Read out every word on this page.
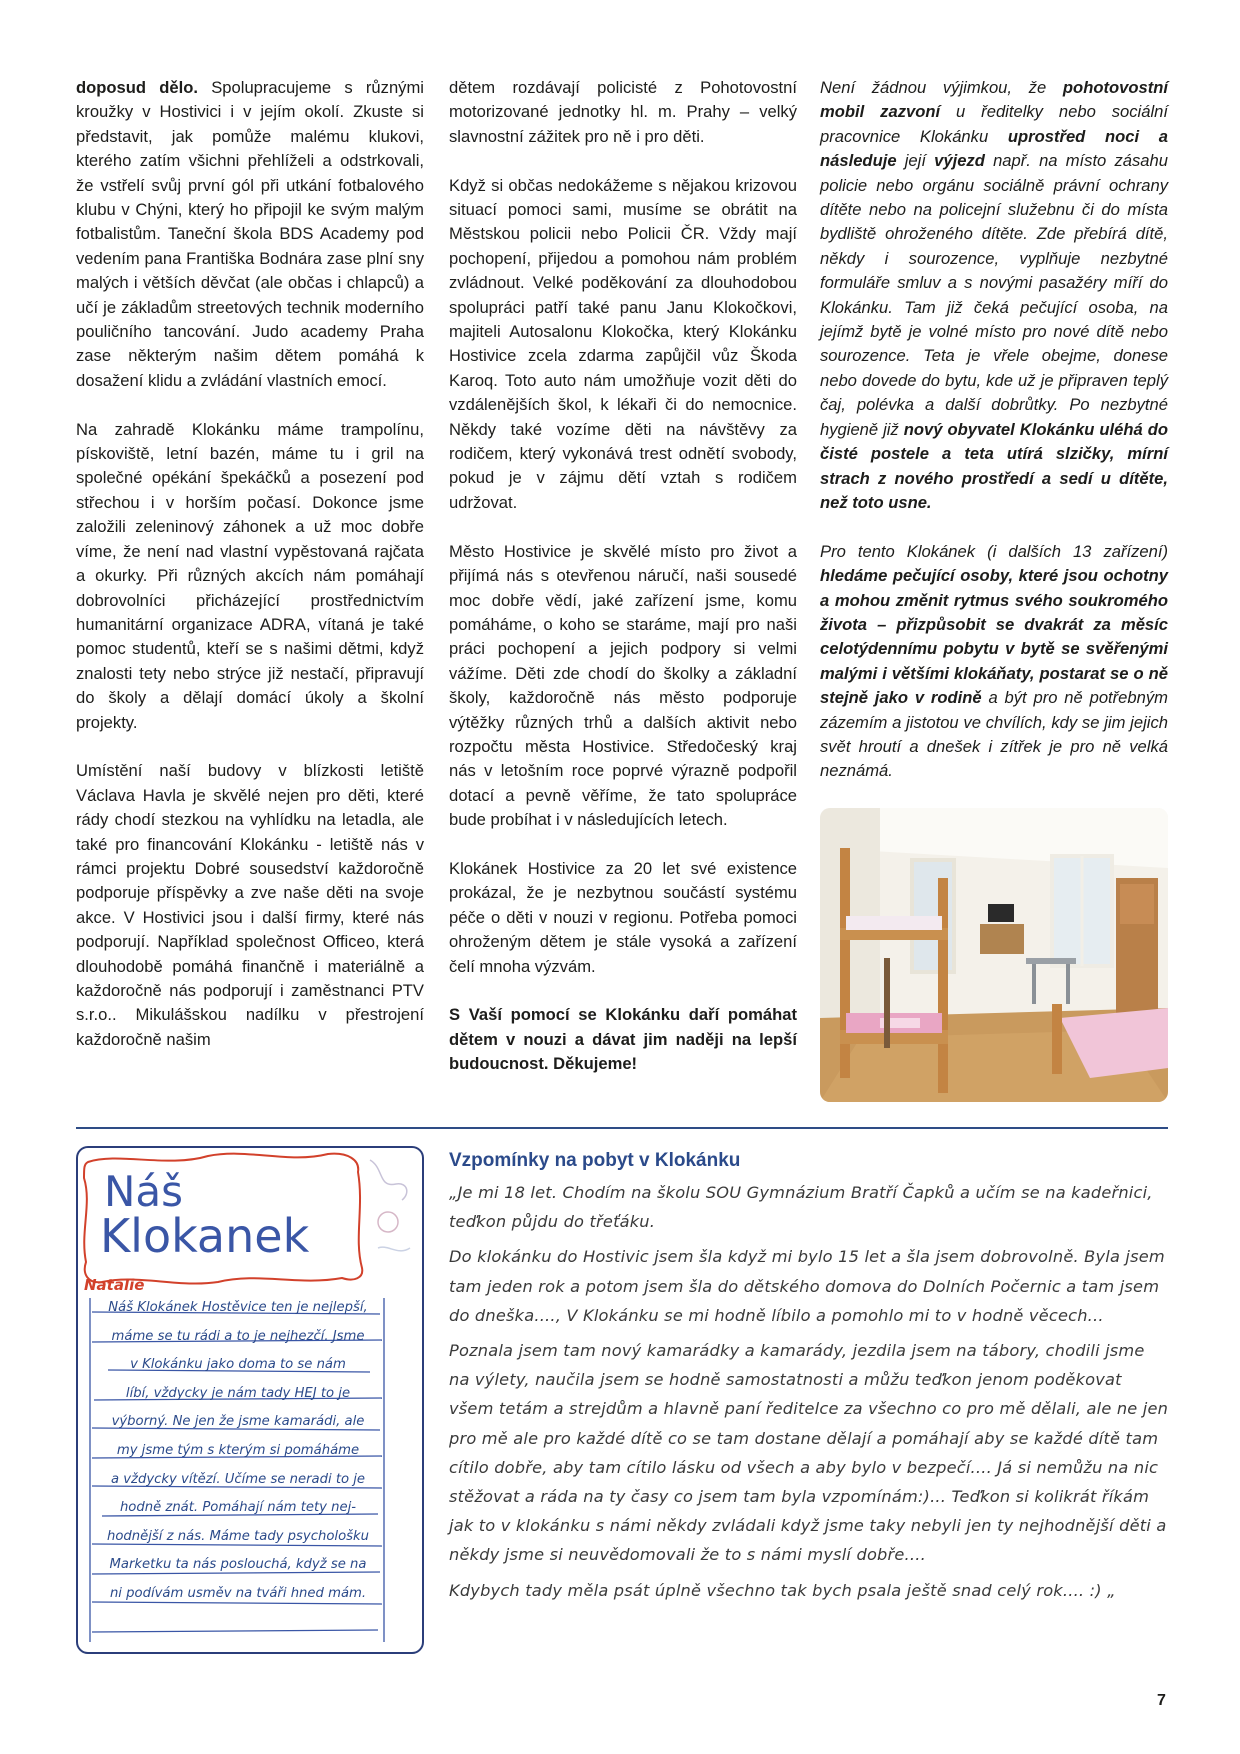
doposud dělo. Spolupracujeme s různými kroužky v Hostivici i v jejím okolí. Zkuste si představit, jak pomůže malému klukovi, kterého zatím všichni přehlíželi a odstrkovali, že vstřelí svůj první gól při utkání fotbalového klubu v Chýni, který ho připojil ke svým malým fotbalistům. Taneční škola BDS Academy pod vedením pana Františka Bodnára zase plní sny malých i větších děvčat (ale občas i chlapců) a učí je základům streetových technik moderního pouličního tancování. Judo academy Praha zase některým našim dětem pomáhá k dosažení klidu a zvládání vlastních emocí.

Na zahradě Klokánku máme trampolínu, pískoviště, letní bazén, máme tu i gril na společné opékání špekáčků a posezení pod střechou i v horším počasí. Dokonce jsme založili zeleninový záhonek a už moc dobře víme, že není nad vlastní vypěstovaná rajčata a okurky. Při různých akcích nám pomáhají dobrovolníci přicházející prostřednictvím humanitární organizace ADRA, vítaná je také pomoc studentů, kteří se s našimi dětmi, když znalosti tety nebo strýce již nestačí, připravují do školy a dělají domácí úkoly a školní projekty.

Umístění naší budovy v blízkosti letiště Václava Havla je skvělé nejen pro děti, které rády chodí stezkou na vyhlídku na letadla, ale také pro financování Klokánku - letiště nás v rámci projektu Dobré sousedství každoročně podporuje příspěvky a zve naše děti na svoje akce. V Hostivici jsou i další firmy, které nás podporují. Například společnost Officeo, která dlouhodobě pomáhá finančně i materiálně a každoročně nás podporují i zaměstnanci PTV s.r.o.. Mikulášskou nadílku v přestrojení každoročně našim

dětem rozdávají policisté z Pohotovostní motorizované jednotky hl. m. Prahy – velký slavnostní zážitek pro ně i pro děti.

Když si občas nedokážeme s nějakou krizovou situací pomoci sami, musíme se obrátit na Městskou policii nebo Policii ČR. Vždy mají pochopení, přijedou a pomohou nám problém zvládnout. Velké poděkování za dlouhodobou spolupráci patří také panu Janu Klokočkovi, majiteli Autosalonu Klokočka, který Klokánku Hostivice zcela zdarma zapůjčil vůz Škoda Karoq. Toto auto nám umožňuje vozit děti do vzdálenějších škol, k lékaři či do nemocnice. Někdy také vozíme děti na návštěvy za rodičem, který vykonává trest odnětí svobody, pokud je v zájmu dětí vztah s rodičem udržovat.

Město Hostivice je skvělé místo pro život a přijímá nás s otevřenou náručí, naši sousedé moc dobře vědí, jaké zařízení jsme, komu pomáháme, o koho se staráme, mají pro naši práci pochopení a jejich podpory si velmi vážíme. Děti zde chodí do školky a základní školy, každoročně nás město podporuje výtěžky různých trhů a dalších aktivit nebo rozpočtu města Hostivice. Středočeský kraj nás v letošním roce poprvé výrazně podpořil dotací a pevně věříme, že tato spolupráce bude probíhat i v následujících letech.

Klokánek Hostivice za 20 let své existence prokázal, že je nezbytnou součástí systému péče o děti v nouzi v regionu. Potřeba pomoci ohroženým dětem je stále vysoká a zařízení čelí mnoha výzvám.

S Vaší pomocí se Klokánku daří pomáhat dětem v nouzi a dávat jim naději na lepší budoucnost. Děkujeme!

Není žádnou výjimkou, že pohotovostní mobil zazvoní u ředitelky nebo sociální pracovnice Klokánku uprostřed noci a následuje její výjezd např. na místo zásahu policie nebo orgánu sociálně právní ochrany dítěte nebo na policejní služebnu či do místa bydliště ohroženého dítěte. Zde přebírá dítě, někdy i sourozence, vyplňuje nezbytné formuláře smluv a s novými pasažéry míří do Klokánku. Tam již čeká pečující osoba, na jejímž bytě je volné místo pro nové dítě nebo sourozence. Teta je vřele obejme, donese nebo dovede do bytu, kde už je připraven teplý čaj, polévka a další dobrůtky. Po nezbytné hygieně již nový obyvatel Klokánku uléhá do čisté postele a teta utírá slzičky, mírní strach z nového prostředí a sedí u dítěte, než toto usne.

Pro tento Klokánek (i dalších 13 zařízení) hledáme pečující osoby, které jsou ochotny a mohou změnit rytmus svého soukromého života – přizpůsobit se dvakrát za měsíc celotýdennímu pobytu v bytě se svěřenými malými i většími klokáňaty, postarat se o ně stejně jako v rodině a být pro ně potřebným zázemím a jistotou ve chvílích, kdy se jim jejich svět hroutí a dnešek i zítřek je pro ně velká neznámá.

Náš
Klokanek
Natalie
Náš Klokánek Hostěvice ten je nejlepší,
máme se tu rádi a to je nejhezčí. Jsme
v Klokánku jako doma to se nám
líbí, vždycky je nám tady HEJ to je
výborný. Ne jen že jsme kamarádi, ale
my jsme tým s kterým si pomáháme
a vždycky vítězí. Učíme se neradi to je
hodně znát. Pomáhají nám tety nej-
hodnější z nás. Máme tady psychološku
Marketku ta nás poslouchá, když se na
ni podívám usměv na tváři hned mám.
Vzpomínky na pobyt v Klokánku

„Je mi 18 let. Chodím na školu SOU Gymnázium Bratří Čapků a učím se na kadeřnici, teďkon půjdu do třeťáku.

Do klokánku do Hostivic jsem šla když mi bylo 15 let a šla jsem dobrovolně. Byla jsem tam jeden rok a potom jsem šla do dětského domova do Dolních Počernic a tam jsem do dneška...., V Klokánku se mi hodně líbilo a pomohlo mi to v hodně věcech...

Poznala jsem tam nový kamarádky a kamarády, jezdila jsem na tábory, chodili jsme na výlety, naučila jsem se hodně samostatnosti a můžu teďkon jenom poděkovat všem tetám a strejdům a hlavně paní ředitelce za všechno co pro mě dělali, ale ne jen pro mě ale pro každé dítě co se tam dostane dělají a pomáhají aby se každé dítě tam cítilo dobře, aby tam cítilo lásku od všech a aby bylo v bezpečí.... Já si nemůžu na nic stěžovat a ráda na ty časy co jsem tam byla vzpomínám:)... Teďkon si kolikrát říkám jak to v klokánku s námi někdy zvládali když jsme taky nebyli jen ty nejhodnější děti a někdy jsme si neuvědomovali že to s námi myslí dobře....

Kdybych tady měla psát úplně všechno tak bych psala ještě snad celý rok.... :) „

7
